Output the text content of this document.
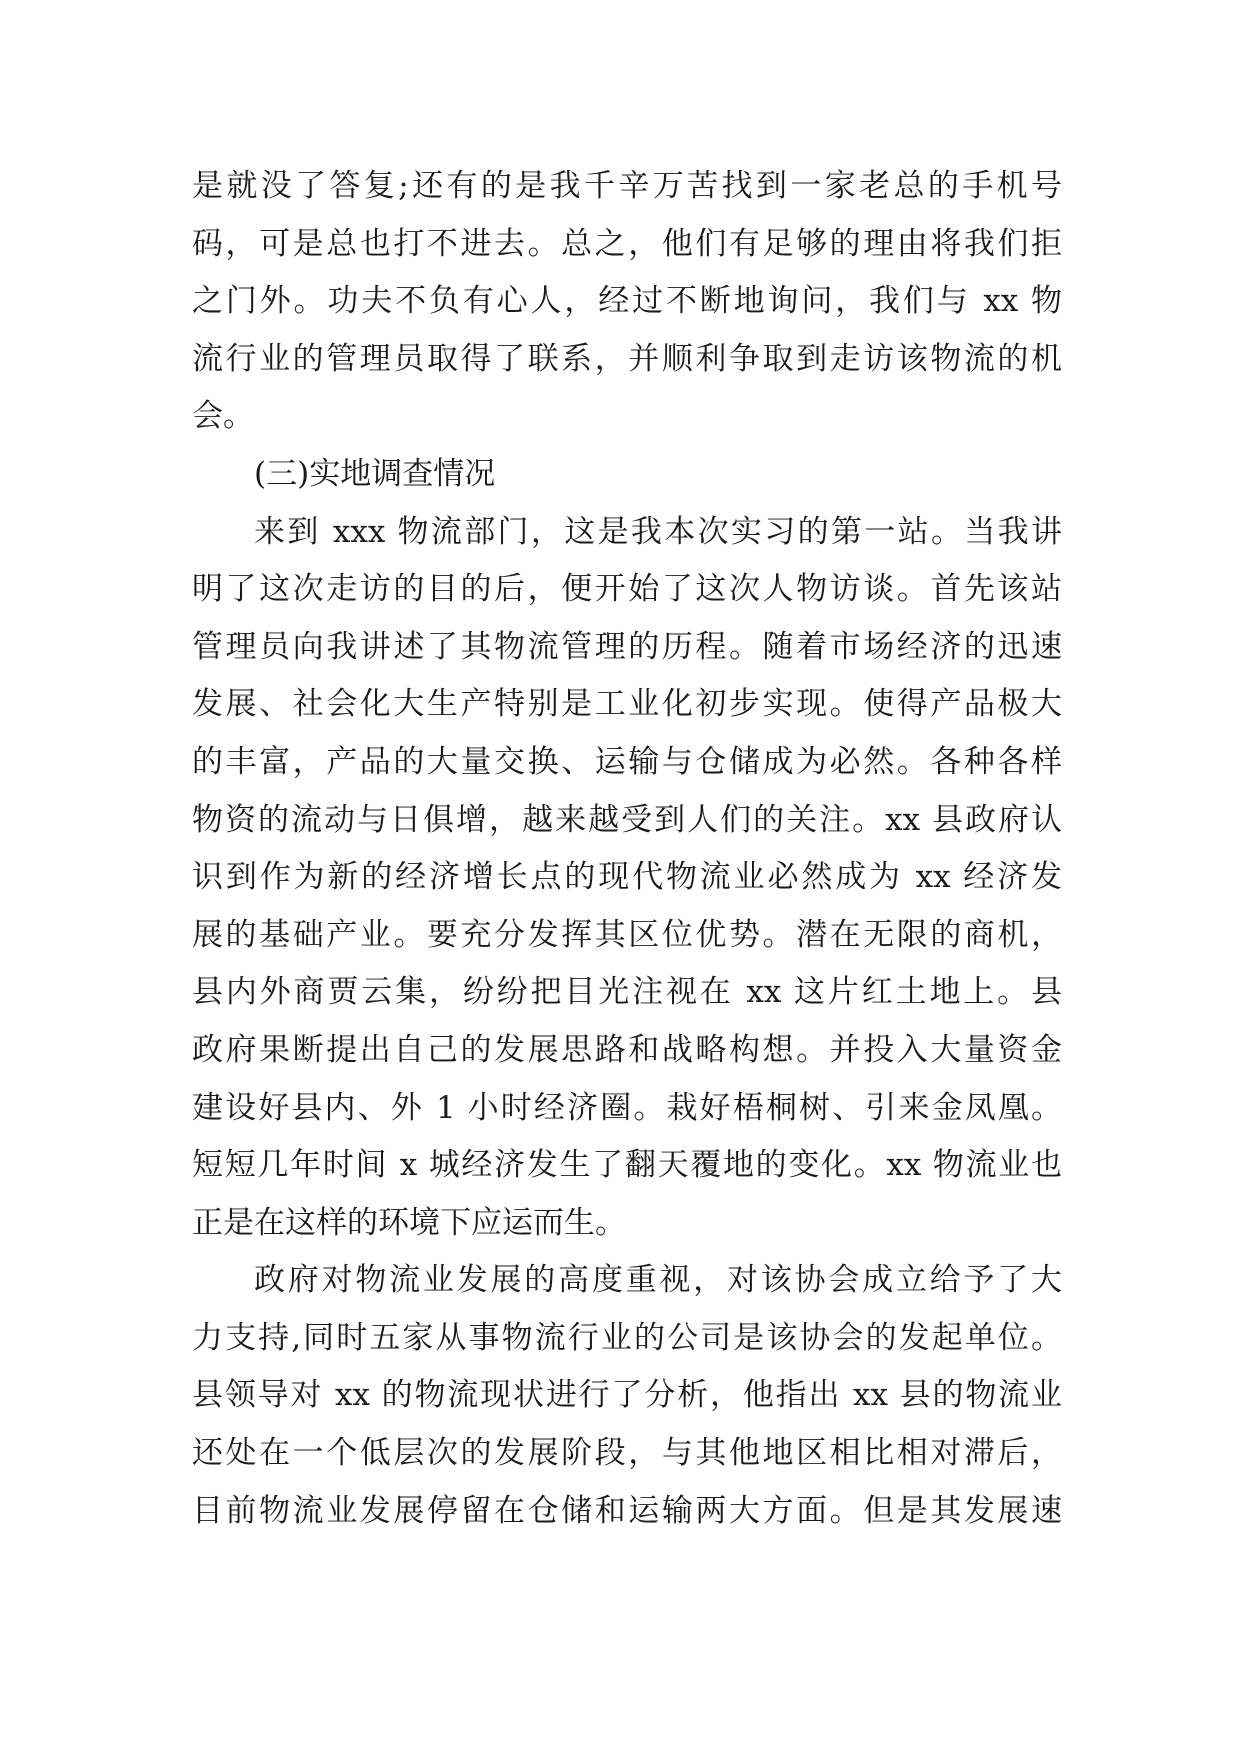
是就没了答复;还有的是我千辛万苦找到一家老总的手机号
码，可是总也打不进去。总之，他们有足够的理由将我们拒
之门外。功夫不负有心人，经过不断地询问，我们与 xx 物
流行业的管理员取得了联系，并顺利争取到走访该物流的机
会。
(三)实地调查情况
来到 xxx 物流部门，这是我本次实习的第一站。当我讲
明了这次走访的目的后，便开始了这次人物访谈。首先该站
管理员向我讲述了其物流管理的历程。随着市场经济的迅速
发展、社会化大生产特别是工业化初步实现。使得产品极大
的丰富，产品的大量交换、运输与仓储成为必然。各种各样
物资的流动与日俱增，越来越受到人们的关注。xx 县政府认
识到作为新的经济增长点的现代物流业必然成为 xx 经济发
展的基础产业。要充分发挥其区位优势。潜在无限的商机，
县内外商贾云集，纷纷把目光注视在 xx 这片红土地上。县
政府果断提出自己的发展思路和战略构想。并投入大量资金
建设好县内、外 1 小时经济圈。栽好梧桐树、引来金凤凰。
短短几年时间 x 城经济发生了翻天覆地的变化。xx 物流业也
正是在这样的环境下应运而生。
政府对物流业发展的高度重视，对该协会成立给予了大
力支持,同时五家从事物流行业的公司是该协会的发起单位。
县领导对 xx 的物流现状进行了分析，他指出 xx 县的物流业
还处在一个低层次的发展阶段，与其他地区相比相对滞后，
目前物流业发展停留在仓储和运输两大方面。但是其发展速
